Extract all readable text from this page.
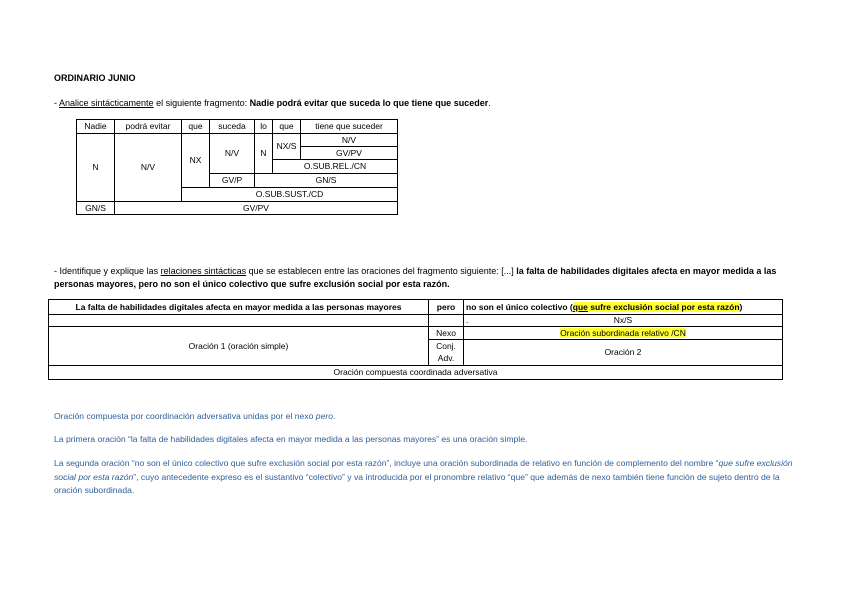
ORDINARIO JUNIO
- Analice sintácticamente el siguiente fragmento: Nadie podrá evitar que suceda lo que tiene que suceder.
Nadie	podrá evitar	que	suceda	lo	que	tiene que suceder
N	N/V	NX	N/V	N	NX/S	N/V
						GV/PV
					O.SUB.REL./CN	
			GV/P	GN/S		
		O.SUB.SUST./CD				
GN/S	GV/PV					
- Identifique y explique las relaciones sintácticas que se establecen entre las oraciones del fragmento siguiente: [...] la falta de habilidades digitales afecta en mayor medida a las personas mayores, pero no son el único colectivo que sufre exclusión social por esta razón.
La falta de habilidades digitales afecta en mayor medida a las personas mayores	pero	no son el único colectivo (que sufre exclusión social por esta razón)
		. Nx/S

Oración 1 (oración simple)	Nexo	Oración subordinada relativo /CN
	Conj.	Oración 2
	Adv.	
Oración compuesta coordinada adversativa		
Oración compuesta por coordinación adversativa unidas por el nexo pero.
La primera oración “la falta de habilidades digitales afecta en mayor medida a las personas mayores” es una oración simple.
La segunda oración “no son el único colectivo que sufre exclusión social por esta razón”, incluye una oración subordinada de relativo en función de complemento del nombre “que sufre exclusión social por esta razón”, cuyo antecedente expreso es el sustantivo “colectivo” y va introducida por el pronombre relativo “que” que además de nexo también tiene función de sujeto dentro de la oración subordinada.
